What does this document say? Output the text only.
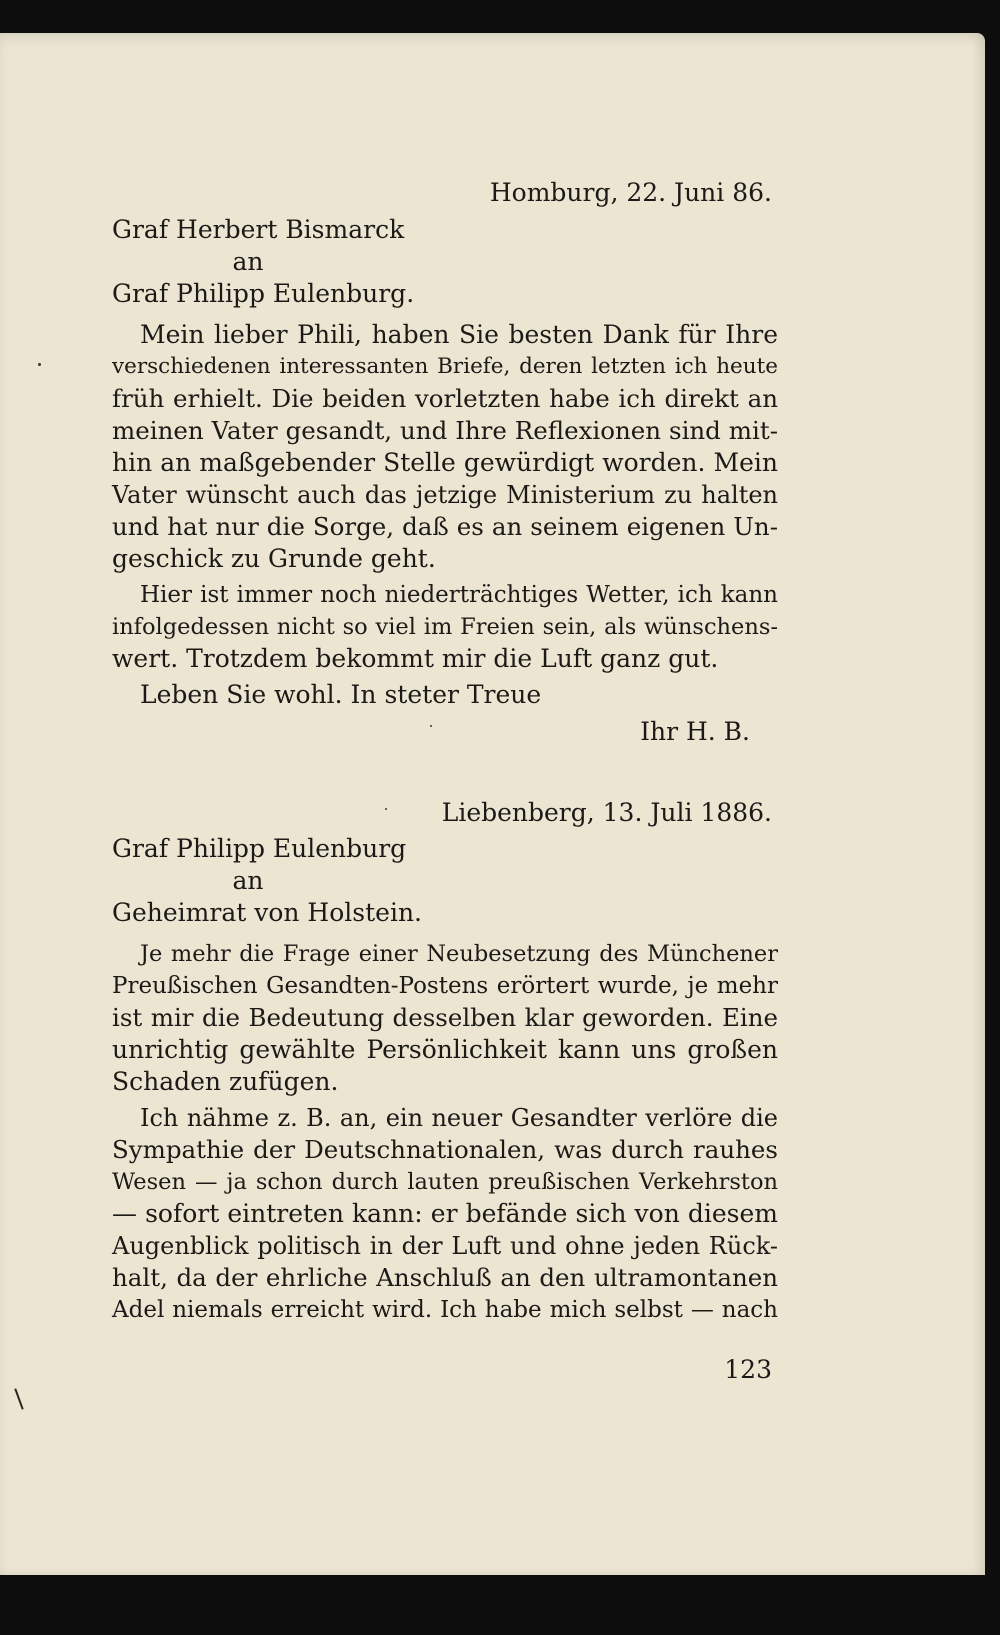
Homburg, 22. Juni 86.
Graf Herbert Bismarck
an
Graf Philipp Eulenburg.
Mein lieber Phili, haben Sie besten Dank für Ihre
verschiedenen interessanten Briefe, deren letzten ich heute
früh erhielt. Die beiden vorletzten habe ich direkt an
meinen Vater gesandt, und Ihre Reflexionen sind mit-
hin an maßgebender Stelle gewürdigt worden. Mein
Vater wünscht auch das jetzige Ministerium zu halten
und hat nur die Sorge, daß es an seinem eigenen Un-
geschick zu Grunde geht.
Hier ist immer noch niederträchtiges Wetter, ich kann
infolgedessen nicht so viel im Freien sein, als wünschens-
wert. Trotzdem bekommt mir die Luft ganz gut.
Leben Sie wohl. In steter Treue
Ihr H. B.
Liebenberg, 13. Juli 1886.
Graf Philipp Eulenburg
an
Geheimrat von Holstein.
Je mehr die Frage einer Neubesetzung des Münchener
Preußischen Gesandten-Postens erörtert wurde, je mehr
ist mir die Bedeutung desselben klar geworden. Eine
unrichtig gewählte Persönlichkeit kann uns großen
Schaden zufügen.
Ich nähme z. B. an, ein neuer Gesandter verlöre die
Sympathie der Deutschnationalen, was durch rauhes
Wesen — ja schon durch lauten preußischen Verkehrston
— sofort eintreten kann: er befände sich von diesem
Augenblick politisch in der Luft und ohne jeden Rück-
halt, da der ehrliche Anschluß an den ultramontanen
Adel niemals erreicht wird. Ich habe mich selbst — nach
123
